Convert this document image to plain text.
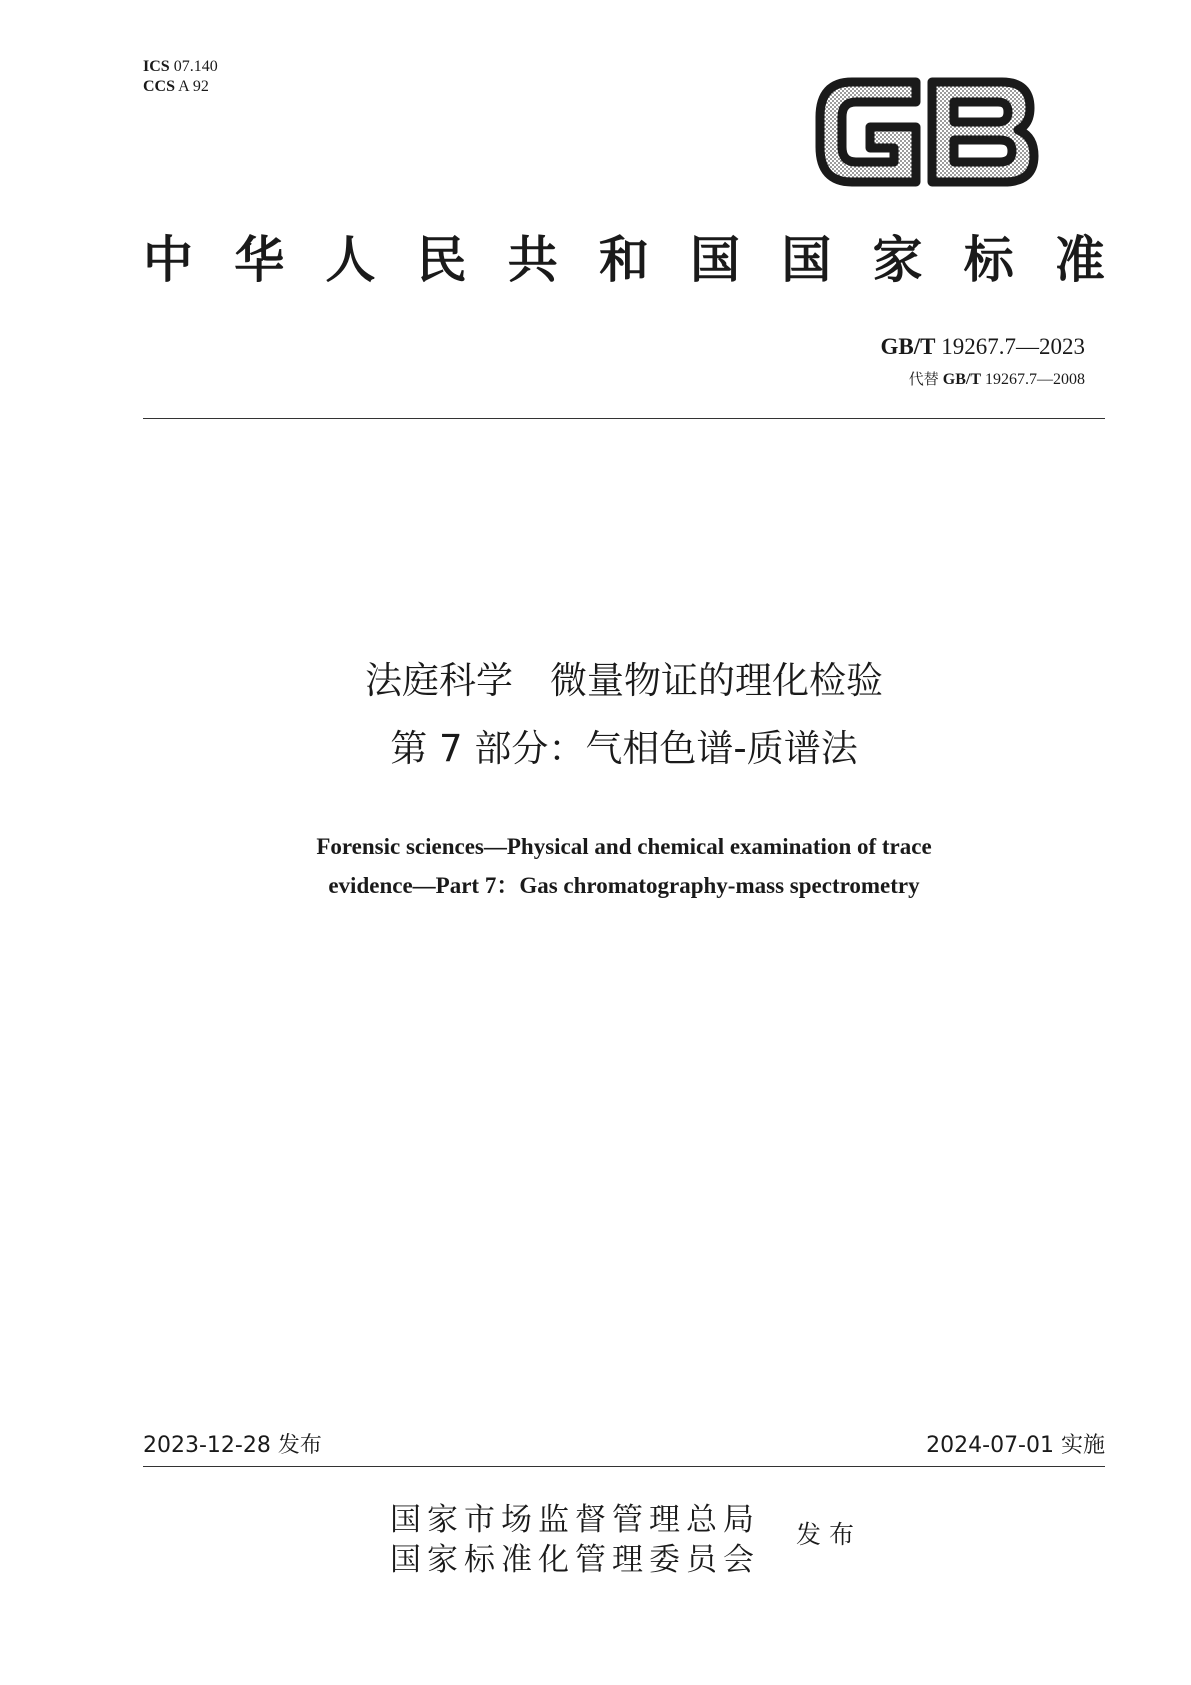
ICS 07.140
CCS A 92
中 华 人 民 共 和 国 国 家 标 准
GB/T 19267.7—2023
代替 GB/T 19267.7—2008
法庭科学　微量物证的理化检验
第 7 部分：气相色谱-质谱法
Forensic sciences—Physical and chemical examination of trace
evidence—Part 7：Gas chromatography-mass spectrometry
2023-12-28 发布	2024-07-01 实施
国家市场监督管理总局
国家标准化管理委员会
发布
